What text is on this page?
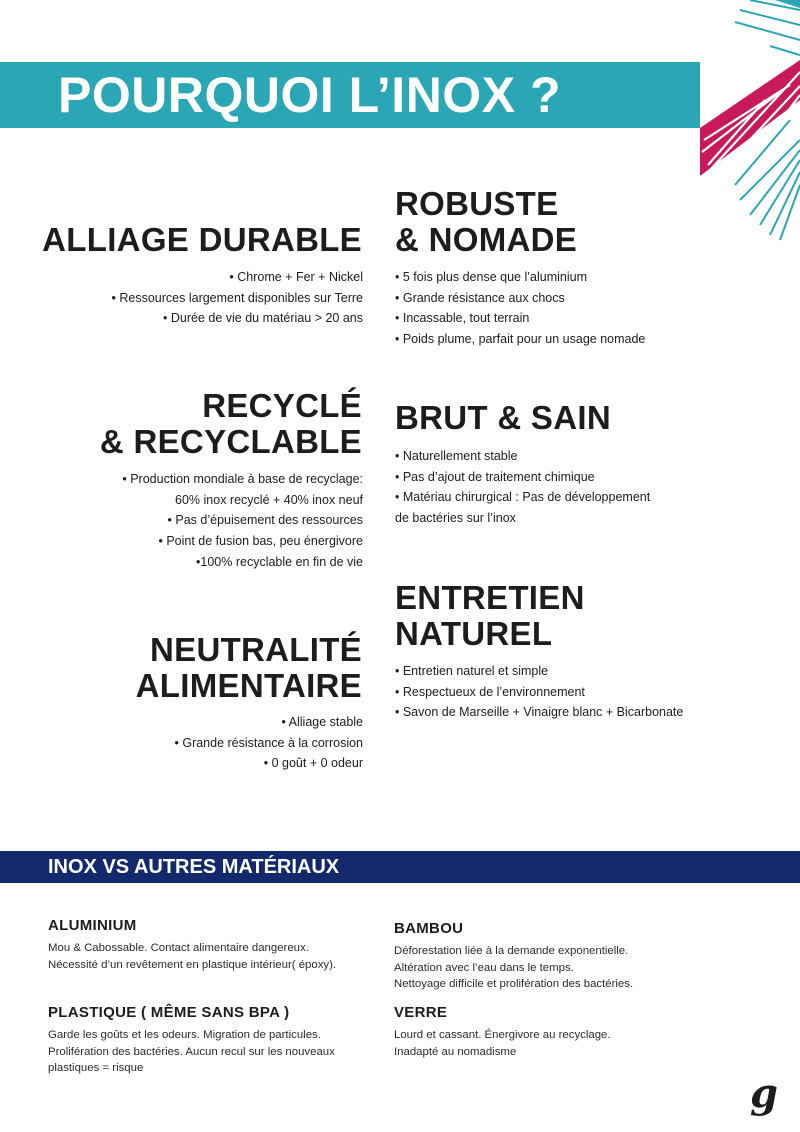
POURQUOI L’INOX ?
ALLIAGE DURABLE
• Chrome + Fer + Nickel
• Ressources largement disponibles sur Terre
• Durée de vie du matériau > 20 ans
ROBUSTE
& NOMADE
• 5 fois plus dense que l’aluminium
• Grande résistance aux chocs
• Incassable, tout terrain
• Poids plume, parfait pour un usage nomade
RECYCLÉ
& RECYCLABLE
• Production mondiale à base de recyclage:
60% inox recyclé + 40% inox neuf
• Pas d’épuisement des ressources
• Point de fusion bas, peu énergivore
•100% recyclable en fin de vie
BRUT & SAIN
• Naturellement stable
• Pas d’ajout de traitement chimique
• Matériau chirurgical : Pas de développement
de bactéries sur l’inox
NEUTRALITÉ
ALIMENTAIRE
• Alliage stable
• Grande résistance à la corrosion
• 0 goût + 0 odeur
ENTRETIEN
NATUREL
• Entretien naturel et simple
• Respectueux de l’environnement
• Savon de Marseille + Vinaigre blanc + Bicarbonate
INOX VS AUTRES MATÉRIAUX
ALUMINIUM

Mou & Cabossable. Contact alimentaire dangereux.
Nécessité d’un revêtement en plastique intérieur( époxy).

BAMBOU

Déforestation liée à la demande exponentielle.
Altération avec l’eau dans le temps.
Nettoyage difficile et prolifération des bactéries.

PLASTIQUE ( MÊME SANS BPA )

Garde les goûts et les odeurs. Migration de particules.
Prolifération des bactéries. Aucun recul sur les nouveaux
plastiques = risque

VERRE

Lourd et cassant. Énergivore au recyclage.
Inadapté au nomadisme

g
